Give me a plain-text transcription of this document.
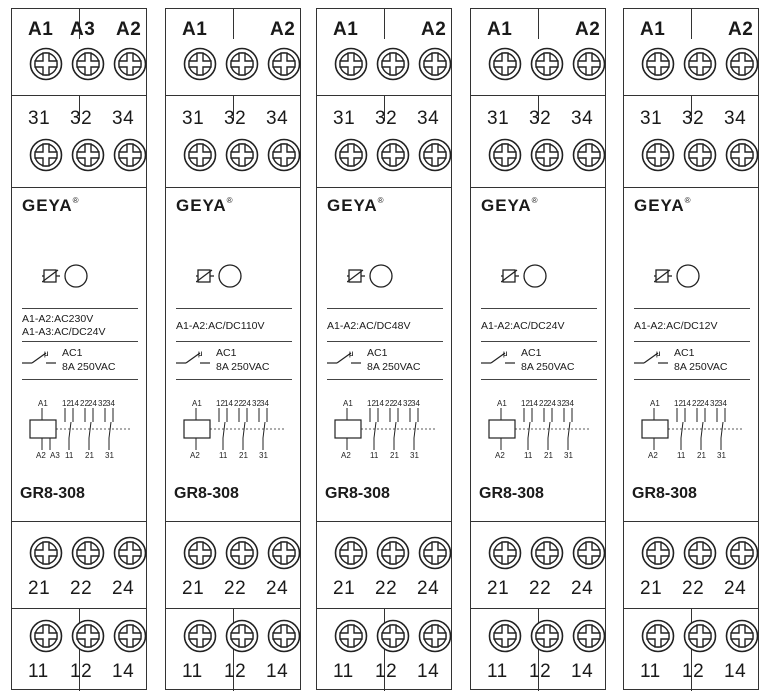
A1 A3 A2
31 32 34
GEYA®
A1-A2:AC230V
A1-A3:AC/DC24V
μ AC1
8A 250VAC
A1 12 14 22 24 32 34
A2 A3 11 21 31
GR8-308
21 22 24
11 12 14
A1	A2
31 32 34
GEYA®
A1-A2:AC/DC110V
μ AC1
8A 250VAC
A1 12 14 22 24 32 34
A2 11 21 31
GR8-308
21 22 24
11 12 14
A1	A2
31 32 34
GEYA®
A1-A2:AC/DC48V
μ AC1
8A 250VAC
A1 12 14 22 24 32 34
A2 11 21 31
GR8-308
21 22 24
11 12 14
A1	A2
31 32 34
GEYA®
A1-A2:AC/DC24V
μ AC1
8A 250VAC
A1 12 14 22 24 32 34
A2 11 21 31
GR8-308
21 22 24
11 12 14
A1	A2
31 32 34
GEYA®
A1-A2:AC/DC12V
μ AC1
8A 250VAC
A1 12 14 22 24 32 34
A2 11 21 31
GR8-308
21 22 24
11 12 14
